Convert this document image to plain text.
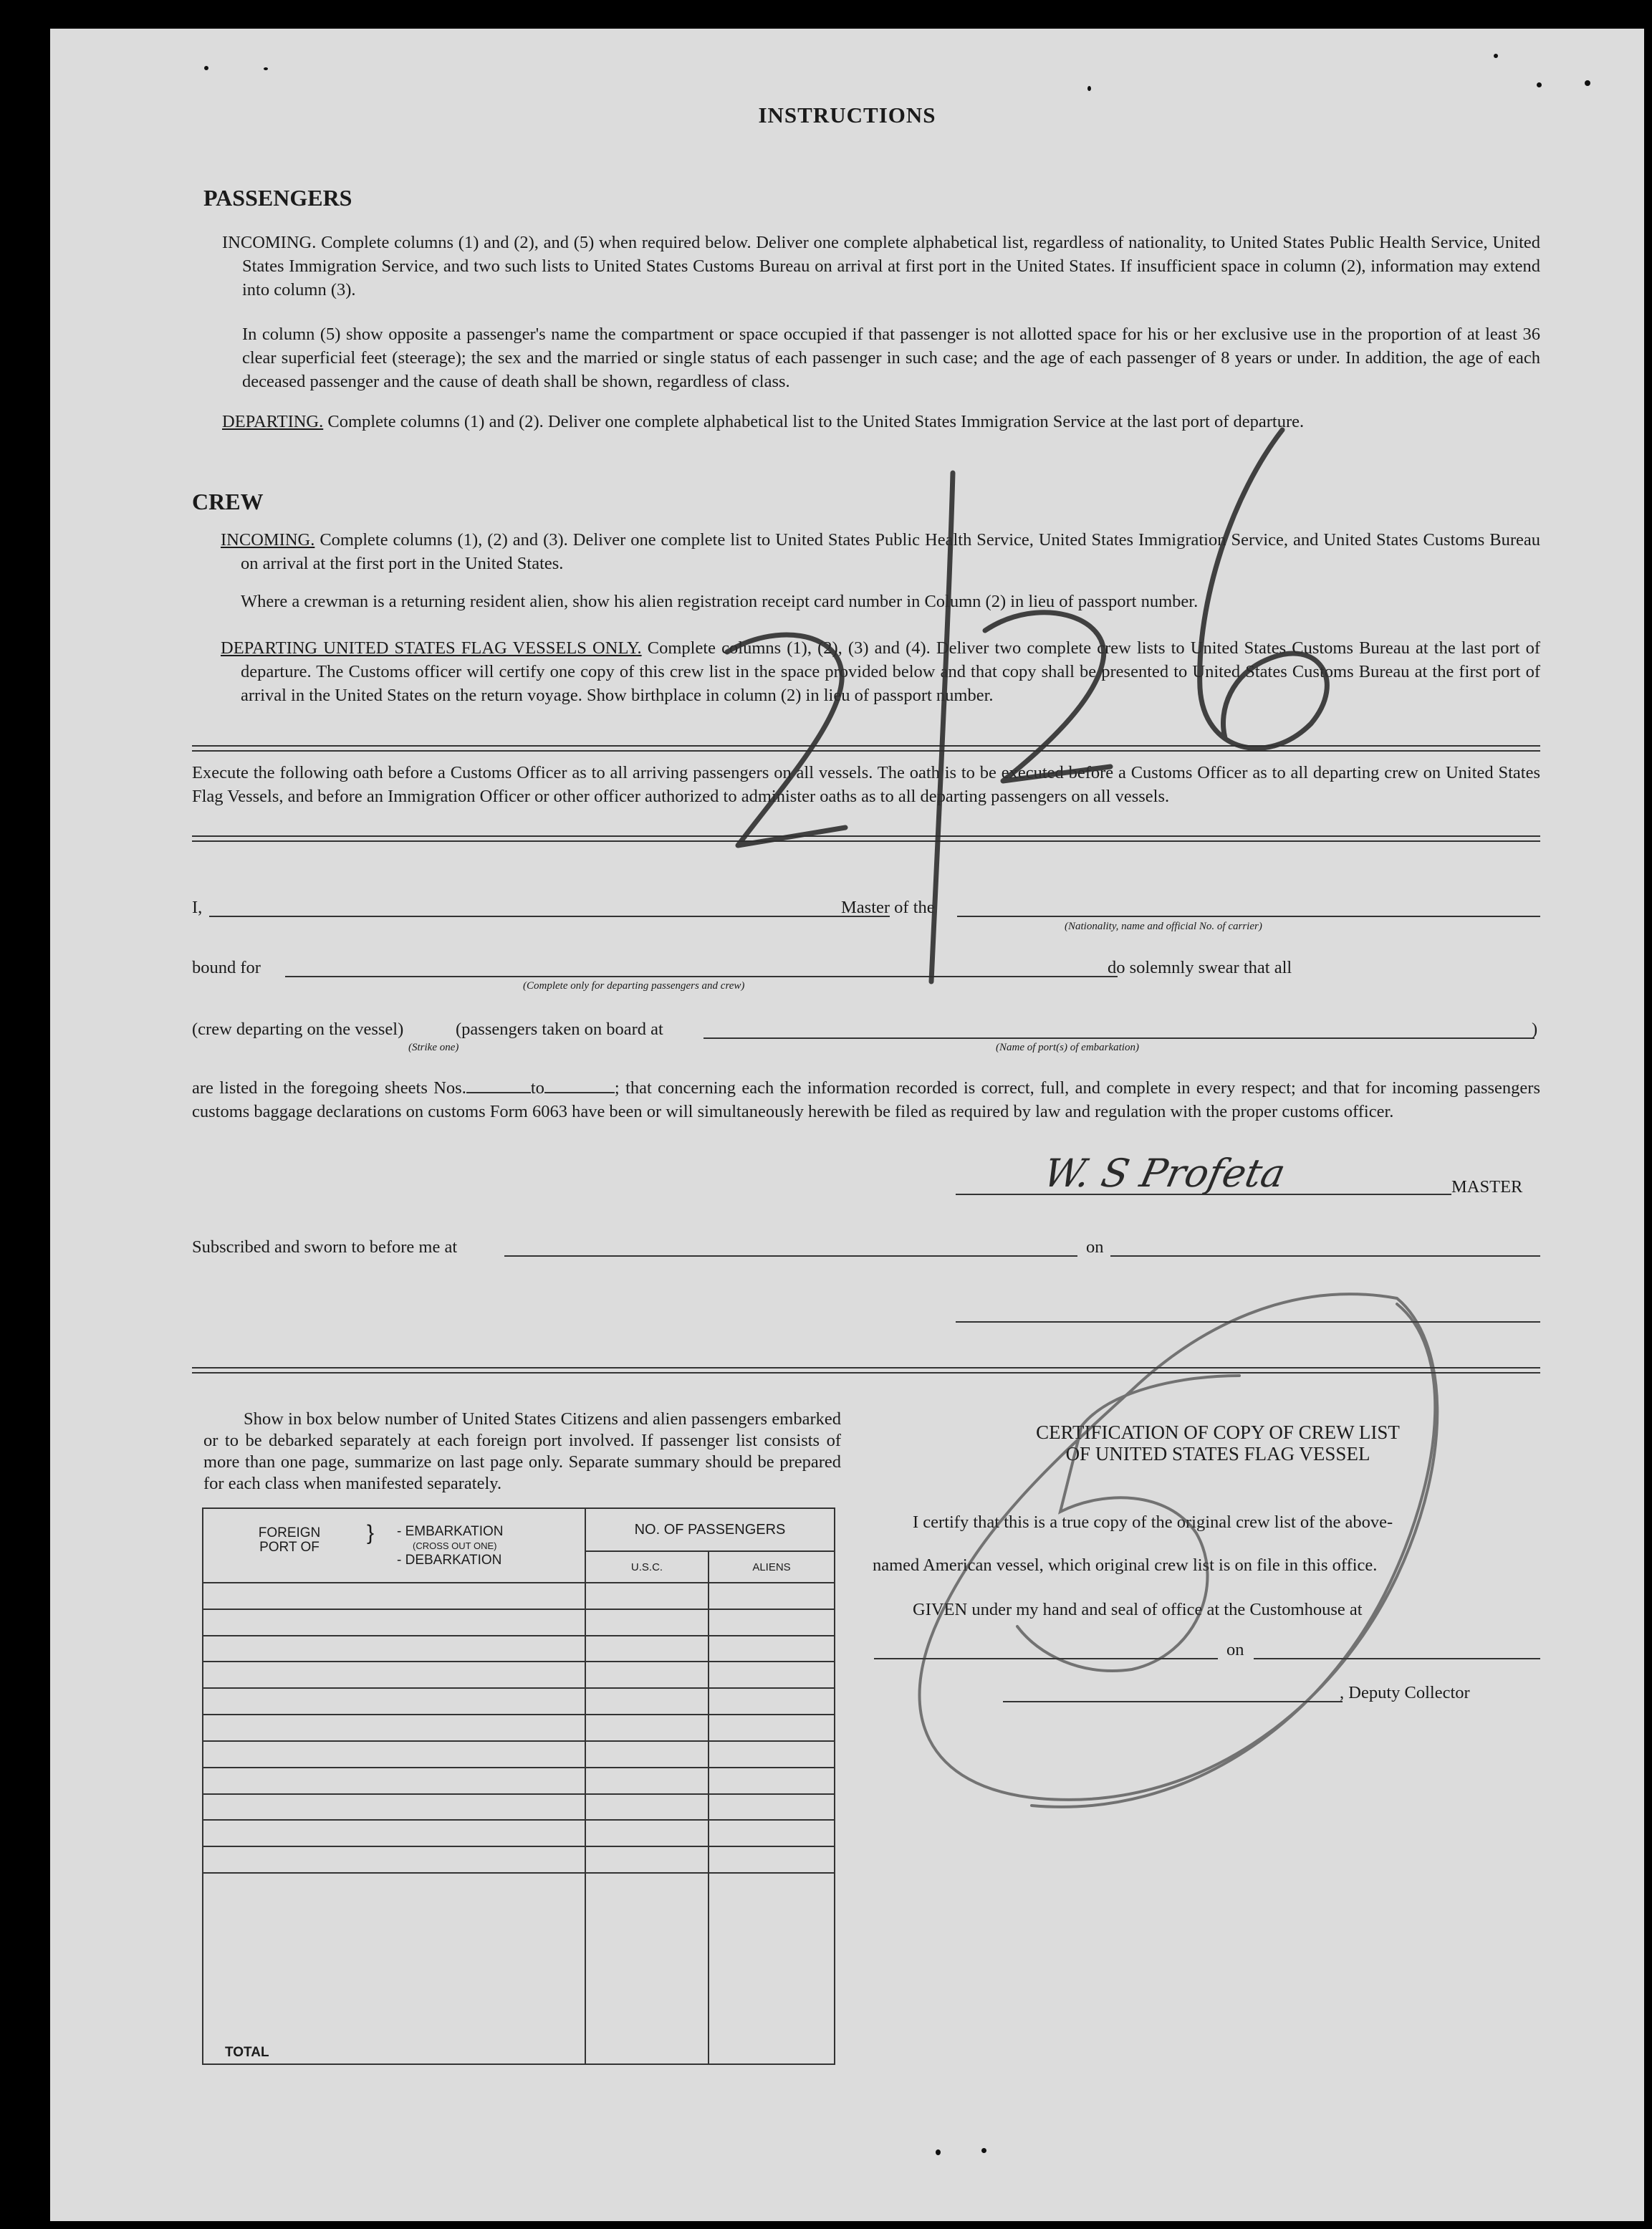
INSTRUCTIONS
PASSENGERS
INCOMING. Complete columns (1) and (2), and (5) when required below. Deliver one complete alphabetical list, regardless of nationality, to United States Public Health Service, United States Immigration Service, and two such lists to United States Customs Bureau on arrival at first port in the United States. If insufficient space in column (2), information may extend into column (3).
In column (5) show opposite a passenger's name the compartment or space occupied if that passenger is not allotted space for his or her exclusive use in the proportion of at least 36 clear superficial feet (steerage); the sex and the married or single status of each passenger in such case; and the age of each passenger of 8 years or under. In addition, the age of each deceased passenger and the cause of death shall be shown, regardless of class.
DEPARTING. Complete columns (1) and (2). Deliver one complete alphabetical list to the United States Immigration Service at the last port of departure.
CREW
INCOMING. Complete columns (1), (2) and (3). Deliver one complete list to United States Public Health Service, United States Immigration Service, and United States Customs Bureau on arrival at the first port in the United States.
Where a crewman is a returning resident alien, show his alien registration receipt card number in Column (2) in lieu of passport number.
DEPARTING UNITED STATES FLAG VESSELS ONLY. Complete columns (1), (2), (3) and (4). Deliver two complete crew lists to United States Customs Bureau at the last port of departure. The Customs officer will certify one copy of this crew list in the space provided below and that copy shall be presented to United States Customs Bureau at the first port of arrival in the United States on the return voyage. Show birthplace in column (2) in lieu of passport number.
Execute the following oath before a Customs Officer as to all arriving passengers on all vessels. The oath is to be executed before a Customs Officer as to all departing crew on United States Flag Vessels, and before an Immigration Officer or other officer authorized to administer oaths as to all departing passengers on all vessels.
I,	Master of the
(Nationality, name and official No. of carrier)
bound for
(Complete only for departing passengers and crew)
do solemnly swear that all
(crew departing on the vessel)	(passengers taken on board at	)
(Strike one)	(Name of port(s) of embarkation)
are listed in the foregoing sheets Nos.	to	; that concerning each the information recorded is correct, full, and complete in every respect; and that for incoming passengers customs baggage declarations on customs Form 6063 have been or will simultaneously herewith be filed as required by law and regulation with the proper customs officer.
W. S Profeta	MASTER
Subscribed and sworn to before me at	on
Show in box below number of United States Citizens and alien passengers embarked or to be debarked separately at each foreign port involved. If passenger list consists of more than one page, summarize on last page only. Separate summary should be prepared for each class when manifested separately.
FOREIGN PORT OF
} - EMBARKATION
(CROSS OUT ONE)
- DEBARKATION	NO. OF PASSENGERS	
	U.S.C.	ALIENS

TOTAL		
CERTIFICATION OF COPY OF CREW LIST
OF UNITED STATES FLAG VESSEL
I certify that this is a true copy of the original crew list of the above-
named American vessel, which original crew list is on file in this office.
GIVEN under my hand and seal of office at the Customhouse at
on
, Deputy Collector
